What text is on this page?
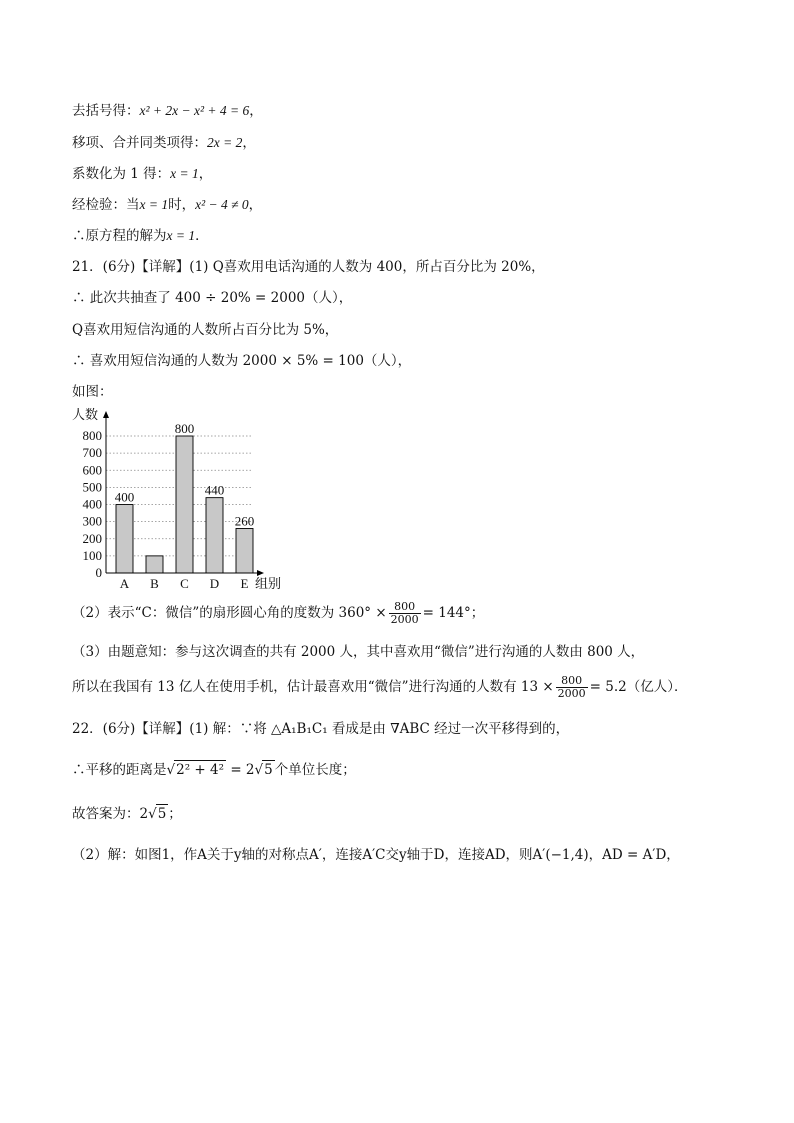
去括号得：x² + 2x − x² + 4 = 6，
移项、合并同类项得：2x = 2，
系数化为 1 得：x = 1，
经检验：当x = 1时，x² − 4 ≠ 0，
∴原方程的解为x = 1．
21．(6分)【详解】(1) Q喜欢用电话沟通的人数为 400，所占百分比为 20%，
∴ 此次共抽查了 400 ÷ 20% = 2000（人），
Q喜欢用短信沟通的人数所占百分比为 5%，
∴ 喜欢用短信沟通的人数为 2000 × 5% = 100（人），
如图：
0
100
200
300
400
500
600
700
800
400
A B
800
C
440
D
260
E
人数
组别
（2）表示“C：微信”的扇形圆心角的度数为 $360^\circ \times \frac{800}{2000} = 144^\circ$；
（3）由题意知：参与这次调查的共有 2000 人，其中喜欢用“微信”进行沟通的人数由 800 人，
所以在我国有 13 亿人在使用手机，估计最喜欢用“微信”进行沟通的人数有 $13 \times \frac{800}{2000} = 5.2$（亿人）．
22．(6分)【详解】(1) 解：∵将 △A₁B₁C₁ 看成是由 ∇ABC 经过一次平移得到的，
∴平移的距离是√2² + 4² = 2√5 个单位长度；
故答案为：2√5 ；
（2）解：如图1，作A关于y轴的对称点A′，连接A′C交y轴于D，连接AD，则A′(−1,4)，AD = A′D，
